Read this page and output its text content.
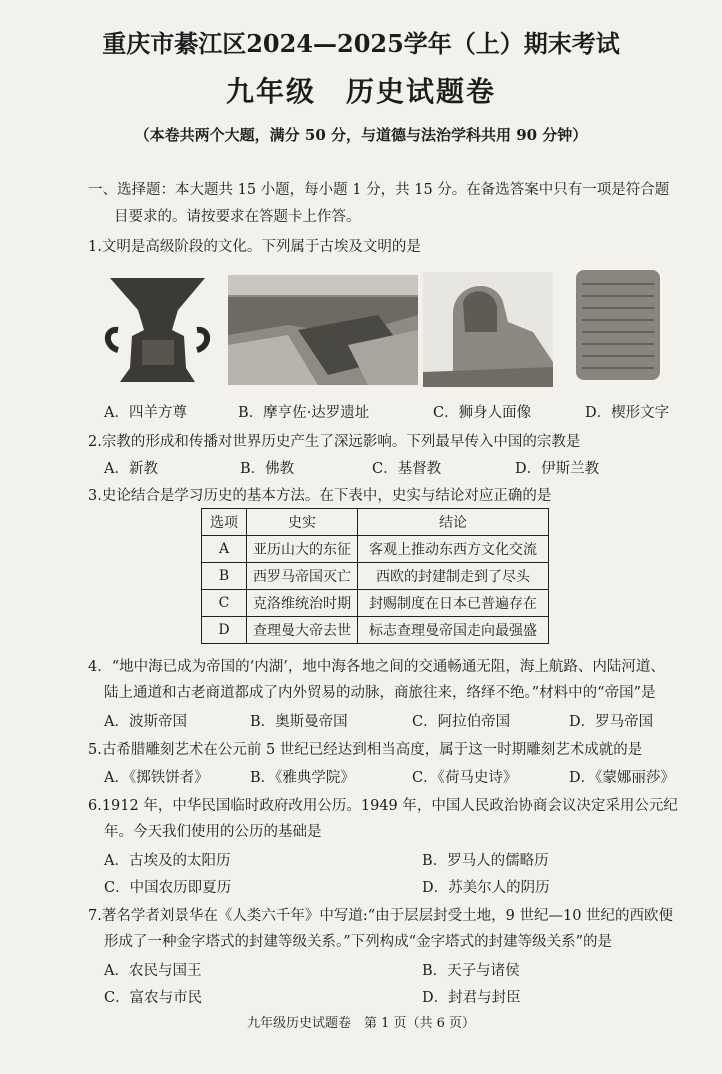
重庆市綦江区2024—2025学年（上）期末考试
九年级　历史试题卷
（本卷共两个大题，满分 50 分，与道德与法治学科共用 90 分钟）
一、选择题：本大题共 15 小题，每小题 1 分，共 15 分。在备选答案中只有一项是符合题
目要求的。请按要求在答题卡上作答。
1.文明是高级阶段的文化。下列属于古埃及文明的是
A．四羊方尊	B．摩亨佐·达罗遗址	C．狮身人面像	D．楔形文字
2.宗教的形成和传播对世界历史产生了深远影响。下列最早传入中国的宗教是
A．新教	B．佛教	C．基督教	D．伊斯兰教
3.史论结合是学习历史的基本方法。在下表中，史实与结论对应正确的是
选项	史实	结论
A	亚历山大的东征	客观上推动东西方文化交流
B	西罗马帝国灭亡	西欧的封建制走到了尽头
C	克洛维统治时期	封赐制度在日本已普遍存在
D	查理曼大帝去世	标志查理曼帝国走向最强盛
4．“地中海已成为帝国的‘内湖’，地中海各地之间的交通畅通无阻，海上航路、内陆河道、
陆上通道和古老商道都成了内外贸易的动脉，商旅往来，络绎不绝。”材料中的“帝国”是
A．波斯帝国	B．奥斯曼帝国	C．阿拉伯帝国	D．罗马帝国
5.古希腊雕刻艺术在公元前 5 世纪已经达到相当高度，属于这一时期雕刻艺术成就的是
A．《掷铁饼者》	B．《雅典学院》	C．《荷马史诗》	D．《蒙娜丽莎》
6.1912 年，中华民国临时政府改用公历。1949 年，中国人民政治协商会议决定采用公元纪
年。今天我们使用的公历的基础是
A．古埃及的太阳历	B．罗马人的儒略历
C．中国农历即夏历	D．苏美尔人的阴历
7.著名学者刘景华在《人类六千年》中写道:“由于层层封受土地，9 世纪—10 世纪的西欧便
形成了一种金字塔式的封建等级关系。”下列构成“金字塔式的封建等级关系”的是
A．农民与国王	B．天子与诸侯
C．富农与市民	D．封君与封臣
九年级历史试题卷　第 1 页（共 6 页）
